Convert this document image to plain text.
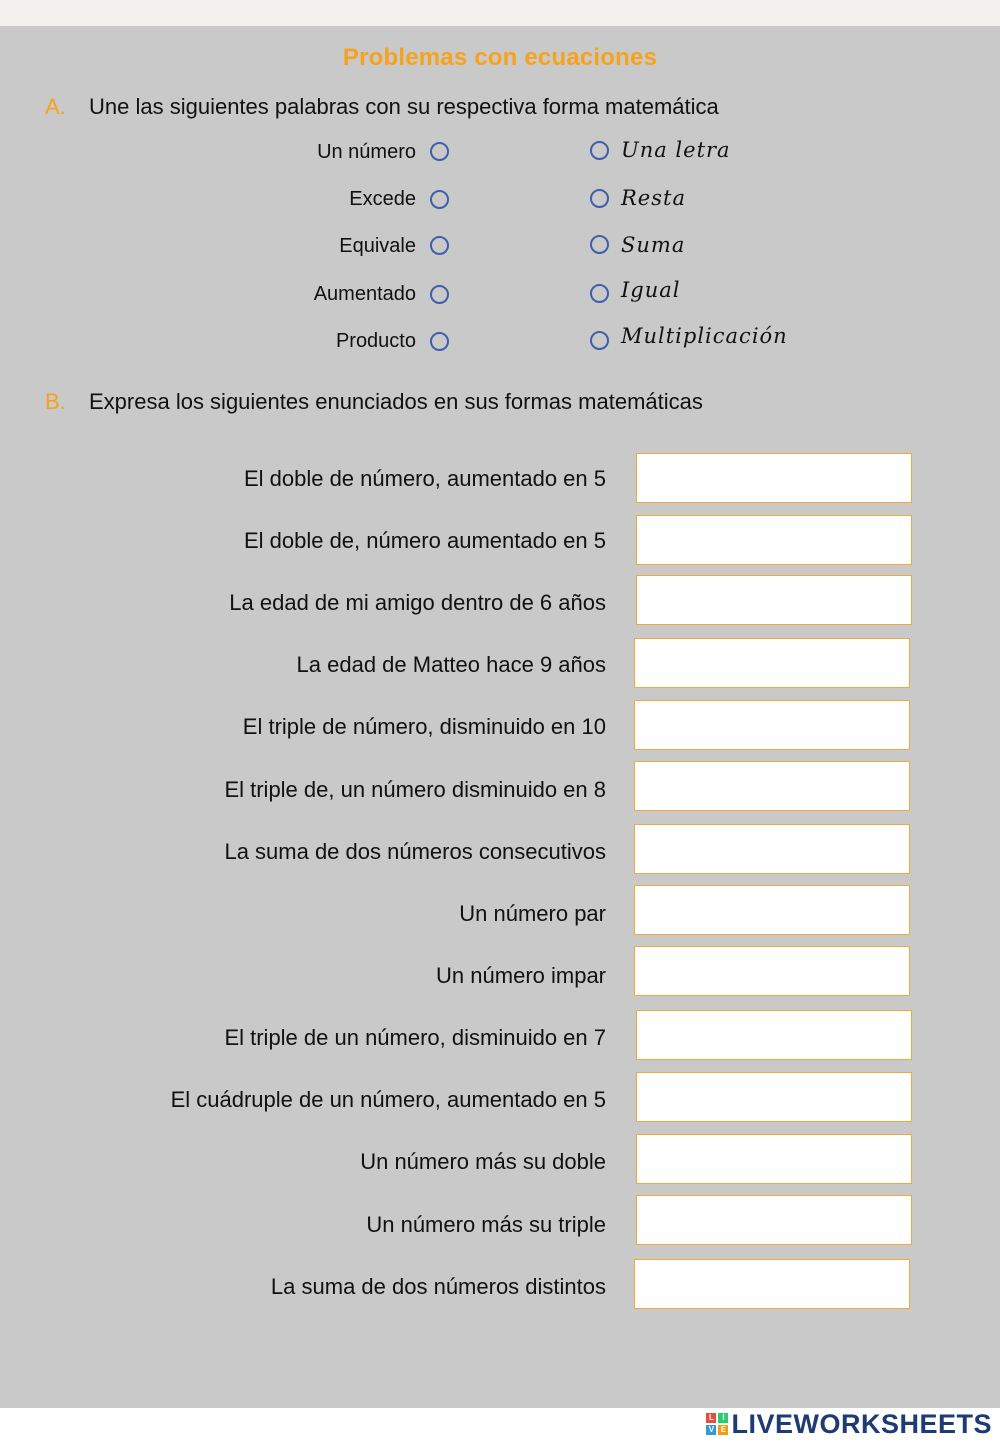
Problemas con ecuaciones
A. Une las siguientes palabras con su respectiva forma matemática
Un número
Excede
Equivale
Aumentado
Producto
Una letra
Resta
Suma
Igual
Multiplicación
B. Expresa los siguientes enunciados en sus formas matemáticas
El doble de número, aumentado en 5
El doble de, número aumentado en 5
La edad de mi amigo dentro de 6 años
La edad de Matteo hace 9 años
El triple de número, disminuido en 10
El triple de, un número disminuido en 8
La suma de dos números consecutivos
Un número par
Un número impar
El triple de un número, disminuido en 7
El cuádruple de un número, aumentado en 5
Un número más su doble
Un número más su triple
La suma de dos números distintos
L	I
V E LIVEWORKSHEETS
